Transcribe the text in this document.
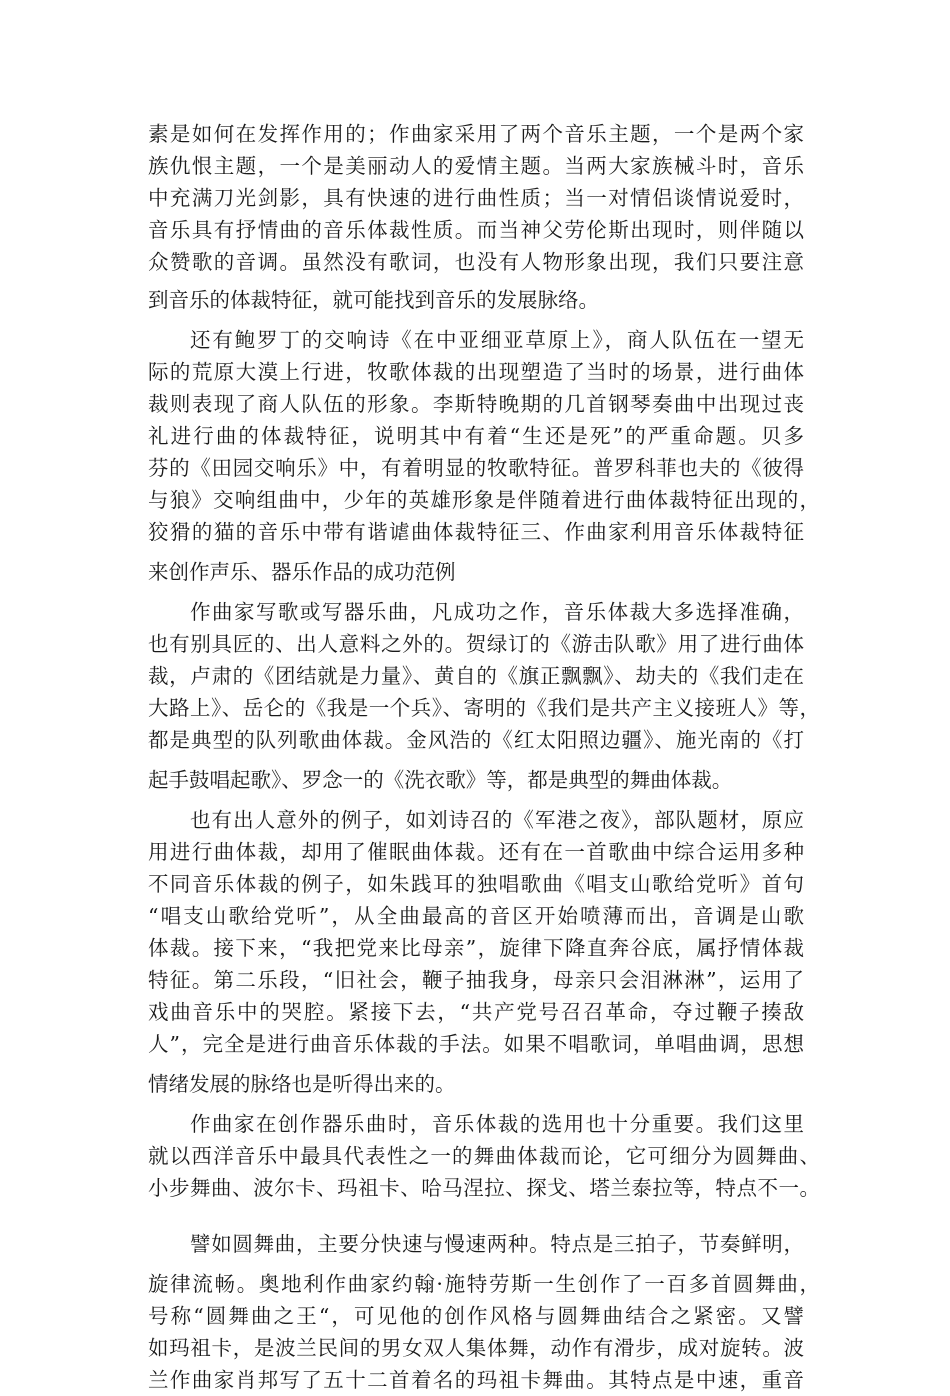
素是如何在发挥作用的；作曲家采用了两个音乐主题，一个是两个家
族仇恨主题，一个是美丽动人的爱情主题。当两大家族械斗时，音乐
中充满刀光剑影，具有快速的进行曲性质；当一对情侣谈情说爱时，
音乐具有抒情曲的音乐体裁性质。而当神父劳伦斯出现时，则伴随以
众赞歌的音调。虽然没有歌词，也没有人物形象出现，我们只要注意
到音乐的体裁特征，就可能找到音乐的发展脉络。
还有鲍罗丁的交响诗《在中亚细亚草原上》，商人队伍在一望无
际的荒原大漠上行进，牧歌体裁的出现塑造了当时的场景，进行曲体
裁则表现了商人队伍的形象。李斯特晚期的几首钢琴奏曲中出现过丧
礼进行曲的体裁特征，说明其中有着“生还是死”的严重命题。贝多
芬的《田园交响乐》中，有着明显的牧歌特征。普罗科菲也夫的《彼得
与狼》交响组曲中，少年的英雄形象是伴随着进行曲体裁特征出现的，
狡猾的猫的音乐中带有谐谑曲体裁特征三、作曲家利用音乐体裁特征
来创作声乐、器乐作品的成功范例
作曲家写歌或写器乐曲，凡成功之作，音乐体裁大多选择准确，
也有别具匠的、出人意料之外的。贺绿订的《游击队歌》用了进行曲体
裁，卢肃的《团结就是力量》、黄自的《旗正飘飘》、劫夫的《我们走在
大路上》、岳仑的《我是一个兵》、寄明的《我们是共产主义接班人》等，
都是典型的队列歌曲体裁。金风浩的《红太阳照边疆》、施光南的《打
起手鼓唱起歌》、罗念一的《洗衣歌》等，都是典型的舞曲体裁。
也有出人意外的例子，如刘诗召的《军港之夜》，部队题材，原应
用进行曲体裁，却用了催眠曲体裁。还有在一首歌曲中综合运用多种
不同音乐体裁的例子，如朱践耳的独唱歌曲《唱支山歌给党听》首句
“唱支山歌给党听”，从全曲最高的音区开始喷薄而出，音调是山歌
体裁。接下来，“我把党来比母亲”，旋律下降直奔谷底，属抒情体裁
特征。第二乐段，“旧社会，鞭子抽我身，母亲只会泪淋淋”，运用了
戏曲音乐中的哭腔。紧接下去，“共产党号召召革命，夺过鞭子揍敌
人”，完全是进行曲音乐体裁的手法。如果不唱歌词，单唱曲调，思想
情绪发展的脉络也是听得出来的。
作曲家在创作器乐曲时，音乐体裁的选用也十分重要。我们这里
就以西洋音乐中最具代表性之一的舞曲体裁而论，它可细分为圆舞曲、
小步舞曲、波尔卡、玛祖卡、哈马涅拉、探戈、塔兰泰拉等，特点不一。
譬如圆舞曲，主要分快速与慢速两种。特点是三拍子，节奏鲜明，
旋律流畅。奥地利作曲家约翰·施特劳斯一生创作了一百多首圆舞曲，
号称“圆舞曲之王“，可见他的创作风格与圆舞曲结合之紧密。又譬
如玛祖卡，是波兰民间的男女双人集体舞，动作有滑步，成对旋转。波
兰作曲家肖邦写了五十二首着名的玛祖卡舞曲。其特点是中速，重音
